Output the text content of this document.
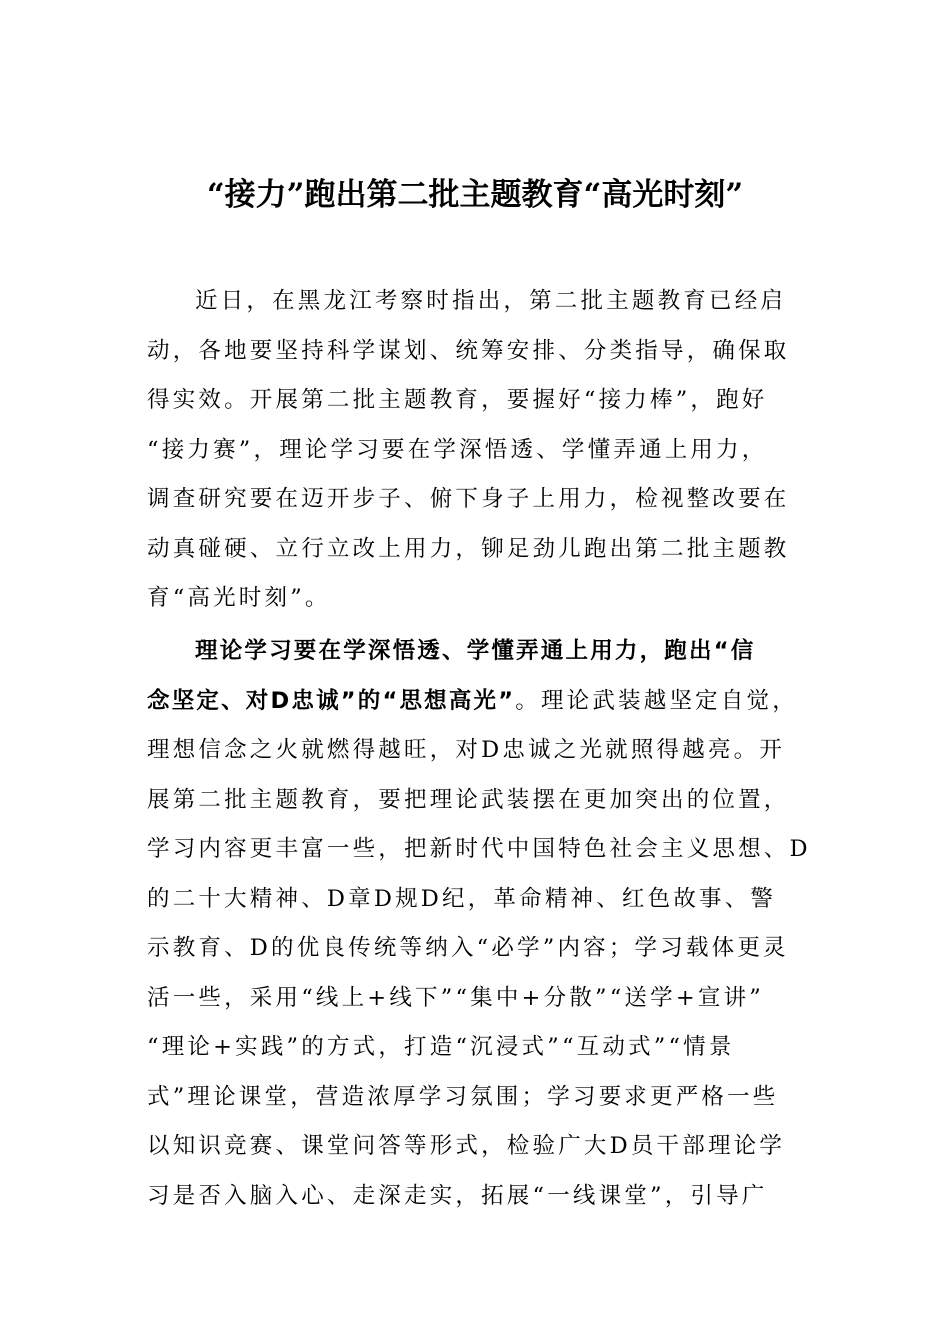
“接力”跑出第二批主题教育“高光时刻”
近日，在黑龙江考察时指出，第二批主题教育已经启
动，各地要坚持科学谋划、统筹安排、分类指导，确保取
得实效。开展第二批主题教育，要握好“接力棒”，跑好
“接力赛”，理论学习要在学深悟透、学懂弄通上用力，
调查研究要在迈开步子、俯下身子上用力，检视整改要在
动真碰硬、立行立改上用力，铆足劲儿跑出第二批主题教
育“高光时刻”。
理论学习要在学深悟透、学懂弄通上用力，跑出“信
念坚定、对D忠诚”的“思想高光”。理论武装越坚定自觉，
理想信念之火就燃得越旺，对D忠诚之光就照得越亮。开
展第二批主题教育，要把理论武装摆在更加突出的位置，
学习内容更丰富一些，把新时代中国特色社会主义思想、D
的二十大精神、D章D规D纪，革命精神、红色故事、警
示教育、D的优良传统等纳入“必学”内容；学习载体更灵
活一些，采用“线上+线下”“集中+分散”“送学+宣讲”
“理论+实践”的方式，打造“沉浸式”“互动式”“情景
式”理论课堂，营造浓厚学习氛围；学习要求更严格一些
以知识竞赛、课堂问答等形式，检验广大D员干部理论学
习是否入脑入心、走深走实，拓展“一线课堂”，引导广
